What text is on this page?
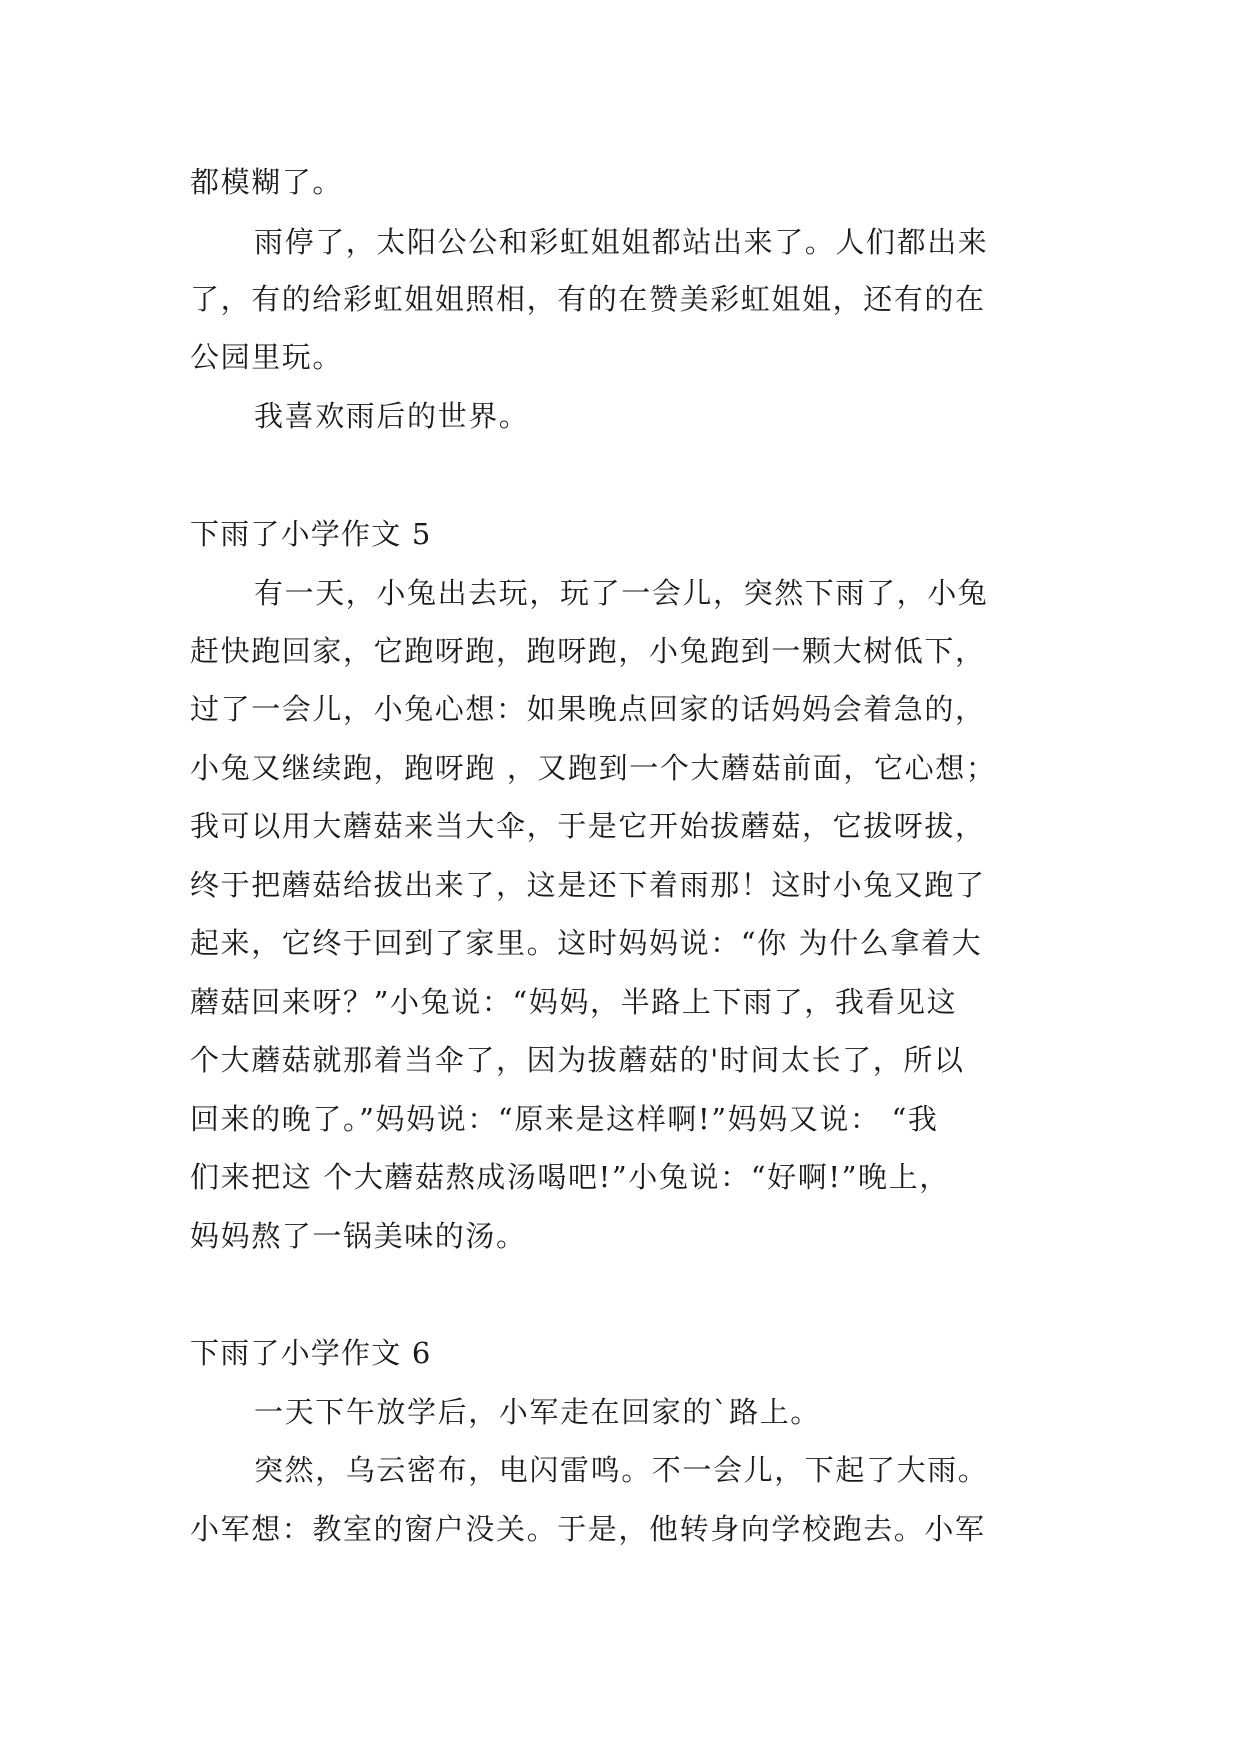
都模糊了。
雨停了，太阳公公和彩虹姐姐都站出来了。人们都出来
了，有的给彩虹姐姐照相，有的在赞美彩虹姐姐，还有的在
公园里玩。
我喜欢雨后的世界。
下雨了小学作文 5
有一天，小兔出去玩，玩了一会儿，突然下雨了，小兔
赶快跑回家，它跑呀跑，跑呀跑，小兔跑到一颗大树低下，
过了一会儿，小兔心想：如果晚点回家的话妈妈会着急的，
小兔又继续跑，跑呀跑 ，又跑到一个大蘑菇前面，它心想；
我可以用大蘑菇来当大伞，于是它开始拔蘑菇，它拔呀拔，
终于把蘑菇给拔出来了，这是还下着雨那！这时小兔又跑了
起来，它终于回到了家里。这时妈妈说：“你 为什么拿着大
蘑菇回来呀？”小兔说：“妈妈，半路上下雨了，我看见这
个大蘑菇就那着当伞了，因为拔蘑菇的'时间太长了，所以
回来的晚了。”妈妈说：“原来是这样啊!”妈妈又说： “我
们来把这 个大蘑菇熬成汤喝吧!”小兔说：“好啊!”晚上，
妈妈熬了一锅美味的汤。
下雨了小学作文 6
一天下午放学后，小军走在回家的`路上。
突然，乌云密布，电闪雷鸣。不一会儿，下起了大雨。
小军想：教室的窗户没关。于是，他转身向学校跑去。小军
